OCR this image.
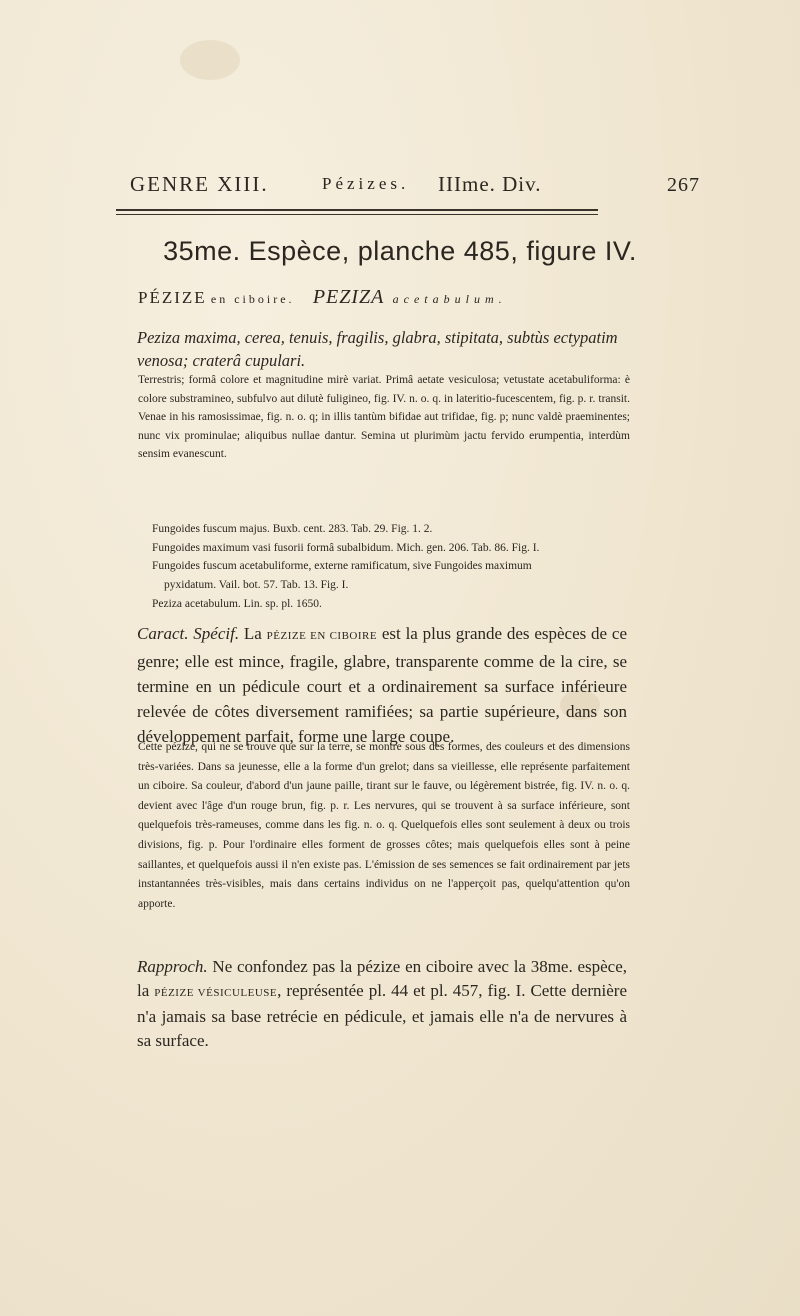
GENRE XIII.	Pézizes. IIIme. Div.	267
35me. Espèce, planche 485, figure IV.
PÉZIZE en ciboire. PEZIZA acetabulum.
Peziza maxima, cerea, tenuis, fragilis, glabra, stipitata, subtùs ectypatim venosa; craterâ cupulari.
Terrestris; formâ colore et magnitudine mirè variat. Primâ aetate vesiculosa; vetustate acetabuliforma: è colore substramineo, subfulvo aut dilutè fuligineo, fig. IV. n. o. q. in lateritio-fucescentem, fig. p. r. transit. Venae in his ramosissimae, fig. n. o. q; in illis tantùm bifidae aut trifidae, fig. p; nunc valdè praeminentes; nunc vix prominulae; aliquibus nullae dantur. Semina ut plurimùm jactu fervido erumpentia, interdùm sensim evanescunt.
Fungoides fuscum majus. Buxb. cent. 283. Tab. 29. Fig. 1. 2.
Fungoides maximum vasi fusorii formâ subalbidum. Mich. gen. 206. Tab. 86. Fig. I.
Fungoides fuscum acetabuliforme, externe ramificatum, sive Fungoides maximum
pyxidatum. Vail. bot. 57. Tab. 13. Fig. I.
Peziza acetabulum. Lin. sp. pl. 1650.
Caract. Spécif. La PÉZIZE EN CIBOIRE est la plus grande des espèces de ce genre; elle est mince, fragile, glabre, transparente comme de la cire, se termine en un pédicule court et a ordinairement sa surface inférieure relevée de côtes diversement ramifiées; sa partie supérieure, dans son développement parfait, forme une large coupe.
Cette pézize, qui ne se trouve que sur la terre, se montre sous des formes, des couleurs et des dimensions très-variées. Dans sa jeunesse, elle a la forme d'un grelot; dans sa vieillesse, elle représente parfaitement un ciboire. Sa couleur, d'abord d'un jaune paille, tirant sur le fauve, ou légèrement bistrée, fig. IV. n. o. q. devient avec l'âge d'un rouge brun, fig. p. r. Les nervures, qui se trouvent à sa surface inférieure, sont quelquefois très-rameuses, comme dans les fig. n. o. q. Quelquefois elles sont seulement à deux ou trois divisions, fig. p. Pour l'ordinaire elles forment de grosses côtes; mais quelquefois elles sont à peine saillantes, et quelquefois aussi il n'en existe pas. L'émission de ses semences se fait ordinairement par jets instantannées très-visibles, mais dans certains individus on ne l'apperçoit pas, quelqu'attention qu'on apporte.
Rapproch. Ne confondez pas la pézize en ciboire avec la 38me. espèce, la PÉZIZE VÉSICULEUSE, représentée pl. 44 et pl. 457, fig. I. Cette dernière n'a jamais sa base retrécie en pédicule, et jamais elle n'a de nervures à sa surface.
